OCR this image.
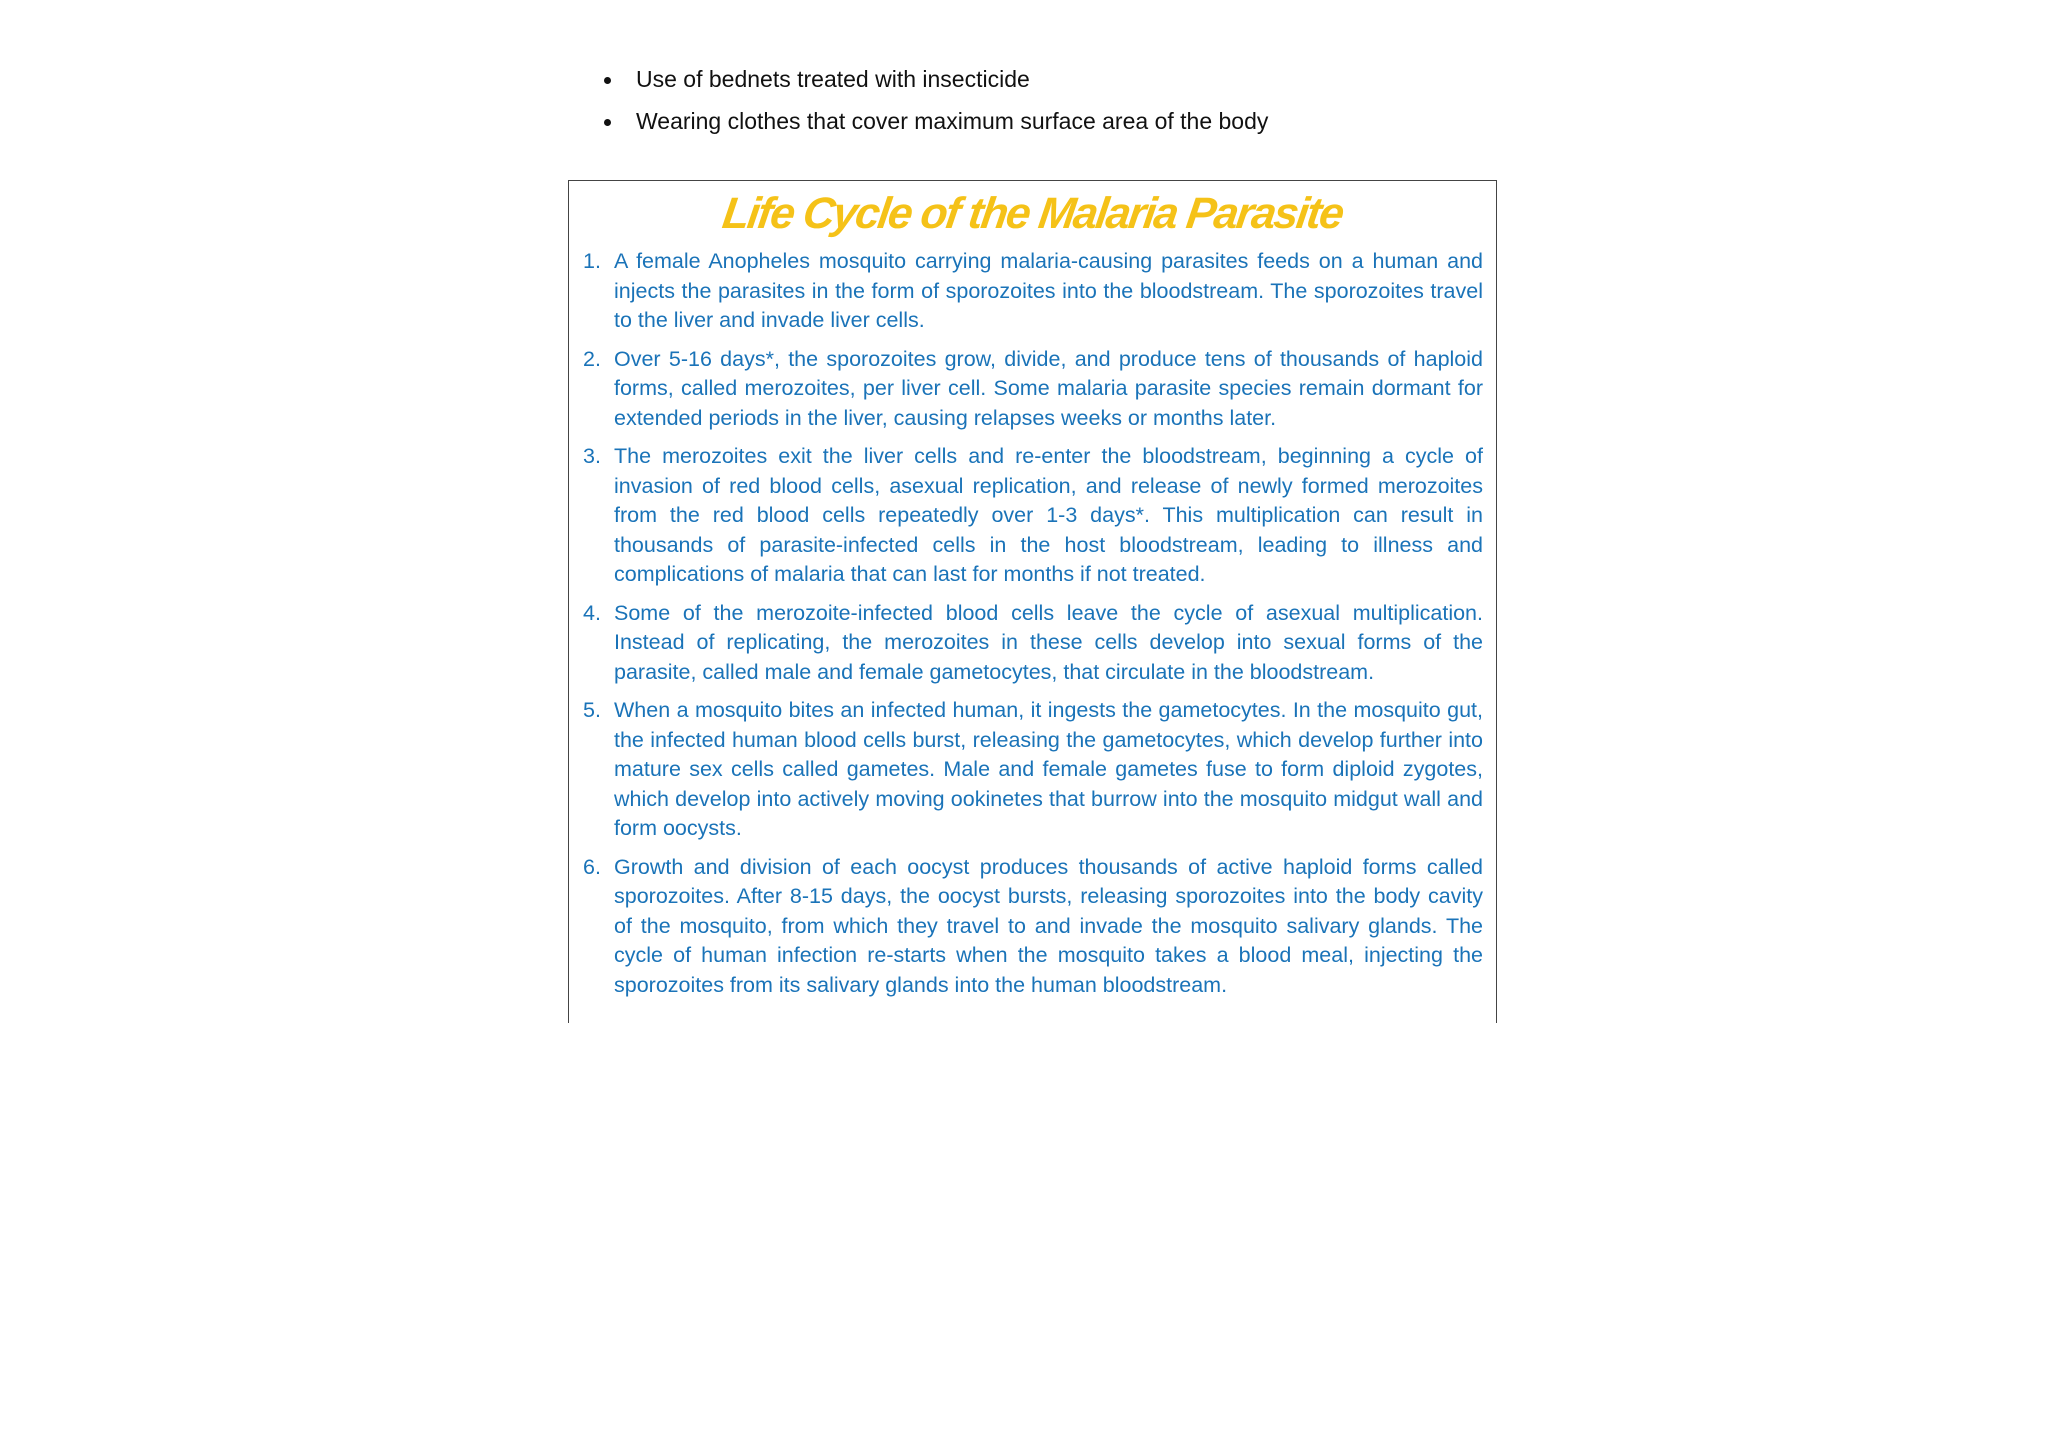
Use of bednets treated with insecticide
Wearing clothes that cover maximum surface area of the body
Life Cycle of the Malaria Parasite
1. A female Anopheles mosquito carrying malaria-causing parasites feeds on a human and injects the parasites in the form of sporozoites into the bloodstream. The sporozoites travel to the liver and invade liver cells.
2. Over 5-16 days*, the sporozoites grow, divide, and produce tens of thousands of haploid forms, called merozoites, per liver cell. Some malaria parasite species remain dormant for extended periods in the liver, causing relapses weeks or months later.
3. The merozoites exit the liver cells and re-enter the bloodstream, beginning a cycle of invasion of red blood cells, asexual replication, and release of newly formed merozoites from the red blood cells repeatedly over 1-3 days*. This multiplication can result in thousands of parasite-infected cells in the host bloodstream, leading to illness and complications of malaria that can last for months if not treated.
4. Some of the merozoite-infected blood cells leave the cycle of asexual multiplication. Instead of replicating, the merozoites in these cells develop into sexual forms of the parasite, called male and female gametocytes, that circulate in the bloodstream.
5. When a mosquito bites an infected human, it ingests the gametocytes. In the mosquito gut, the infected human blood cells burst, releasing the gametocytes, which develop further into mature sex cells called gametes. Male and female gametes fuse to form diploid zygotes, which develop into actively moving ookinetes that burrow into the mosquito midgut wall and form oocysts.
6. Growth and division of each oocyst produces thousands of active haploid forms called sporozoites. After 8-15 days, the oocyst bursts, releasing sporozoites into the body cavity of the mosquito, from which they travel to and invade the mosquito salivary glands. The cycle of human infection re-starts when the mosquito takes a blood meal, injecting the sporozoites from its salivary glands into the human bloodstream.
